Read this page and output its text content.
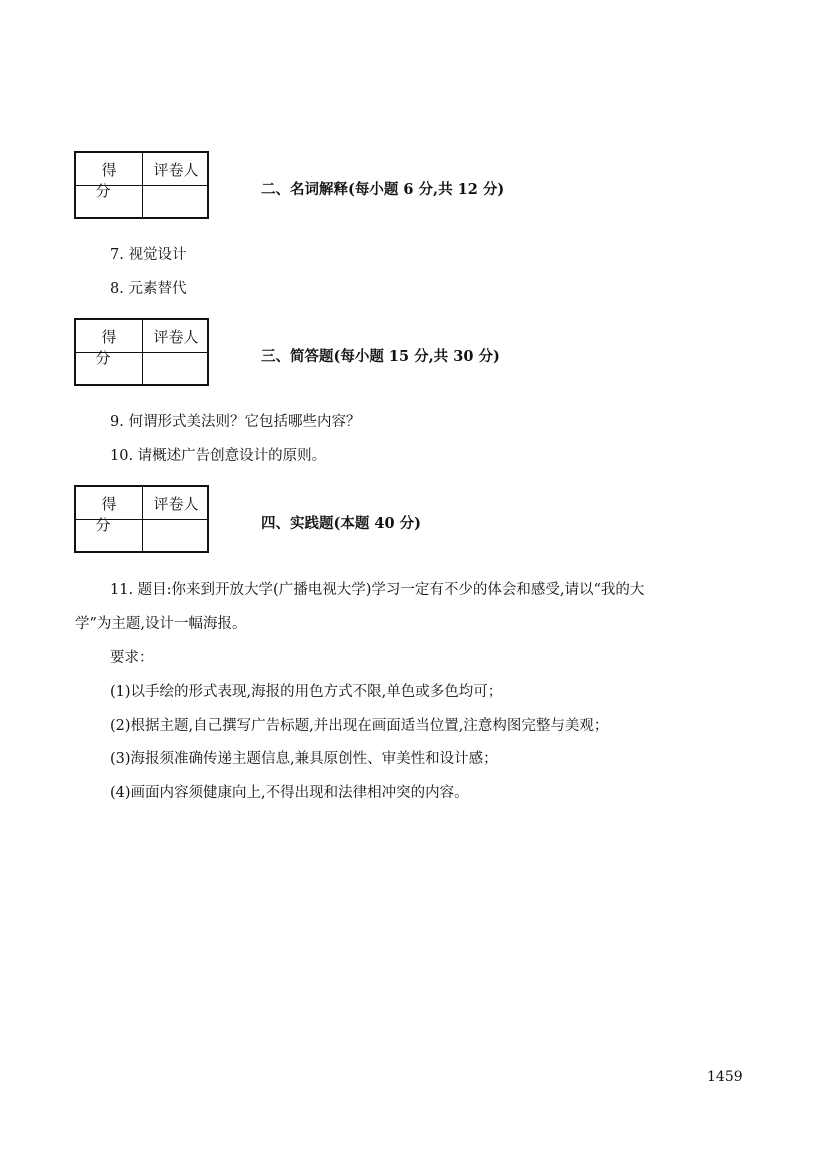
得 分
评卷人
二、名词解释(每小题 6 分,共 12 分)
7. 视觉设计
8. 元素替代
得 分
评卷人
三、简答题(每小题 15 分,共 30 分)
9. 何谓形式美法则？它包括哪些内容？
10. 请概述广告创意设计的原则。
得 分
评卷人
四、实践题(本题 40 分)
11. 题目:你来到开放大学(广播电视大学)学习一定有不少的体会和感受,请以“我的大
学”为主题,设计一幅海报。
要求：
(1)以手绘的形式表现,海报的用色方式不限,单色或多色均可；
(2)根据主题,自己撰写广告标题,并出现在画面适当位置,注意构图完整与美观；
(3)海报须准确传递主题信息,兼具原创性、审美性和设计感；
(4)画面内容须健康向上,不得出现和法律相冲突的内容。
1459
